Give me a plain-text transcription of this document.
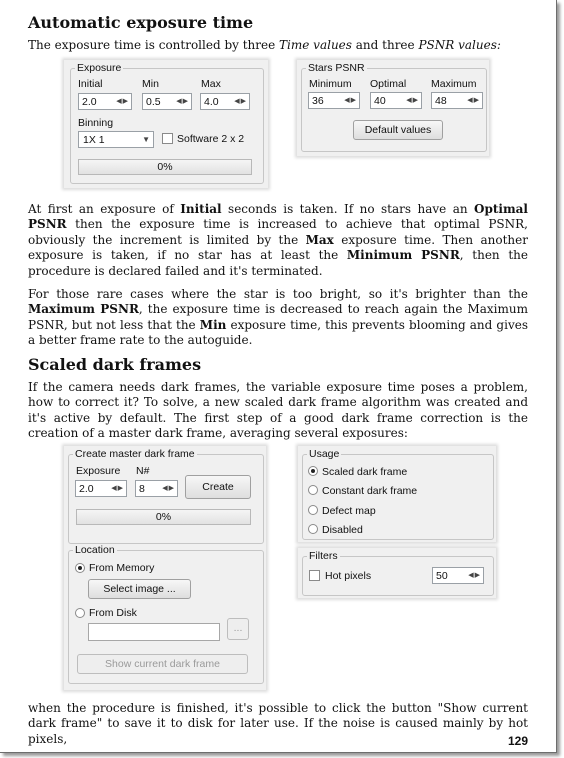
Automatic exposure time

The exposure time is controlled by three Time values and three PSNR values:

Exposure
Initial	Min	Max
2.0	◀▶ 0.5 ◀▶ 4.0 ◀▶
Binning
1X 1	▼	Software 2 x 2
0%
Stars PSNR
Minimum Optimal Maximum
36	◀▶ 40	◀▶ 48	◀▶
Default values

At first an exposure of Initial seconds is taken. If no stars have an Optimal PSNR then the exposure time is increased to achieve that optimal PSNR, obviously the increment is limited by the Max exposure time. Then another exposure is taken, if no star has at least the Minimum PSNR, then the procedure is declared failed and it's terminated.

For those rare cases where the star is too bright, so it's brighter than the Maximum PSNR, the exposure time is decreased to reach again the Maximum PSNR, but not less that the Min exposure time, this prevents blooming and gives a better frame rate to the autoguide.

Scaled dark frames

If the camera needs dark frames, the variable exposure time poses a problem, how to correct it? To solve, a new scaled dark frame algorithm was created and it's active by default. The first step of a good dark frame correction is the creation of a master dark frame, averaging several exposures:

Create master dark frame
Exposure N#
2.0	◀▶ 8 ◀▶	Create
0%
Location
From Memory
Select image ...
From Disk
...
Show current dark frame
Usage
Scaled dark frame
Constant dark frame
Defect map
Disabled
Filters
Hot pixels	50	◀▶

when the procedure is finished, it's possible to click the button "Show current dark frame" to save it to disk for later use. If the noise is caused mainly by hot pixels,	129
